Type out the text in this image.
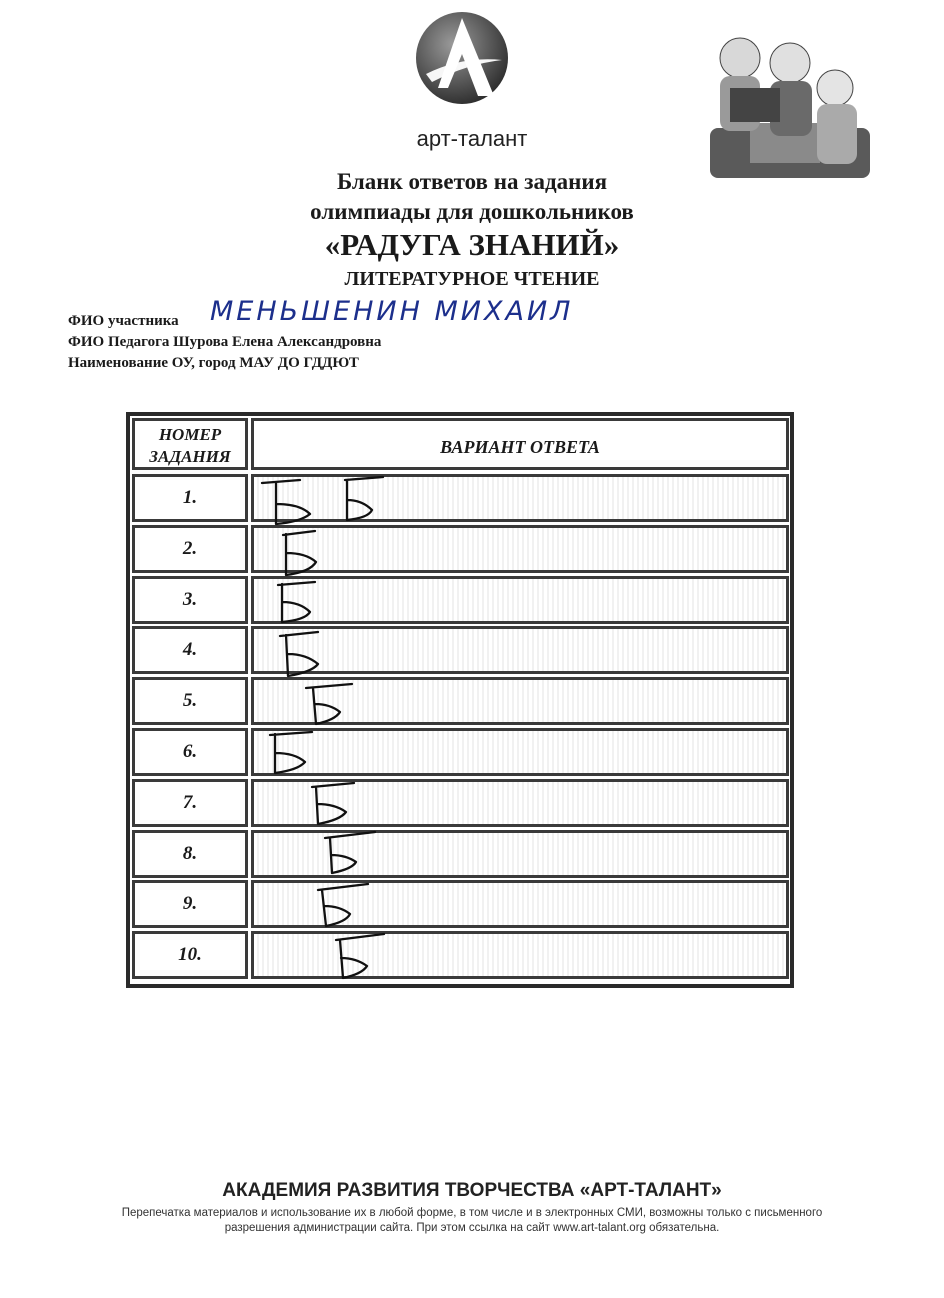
арт-талант
Бланк ответов на задания
олимпиады для дошкольников
«РАДУГА ЗНАНИЙ»
ЛИТЕРАТУРНОЕ ЧТЕНИЕ
ФИО участника МЕНЬШЕНИН МИХАИЛ
ФИО Педагога Шурова Елена Александровна
Наименование ОУ, город МАУ ДО ГДДЮТ
НОМЕР
ЗАДАНИЯ	ВАРИАНТ ОТВЕТА
1.
2.
3.
4.
5.
6.
7.
8.
9.
10.
АКАДЕМИЯ РАЗВИТИЯ ТВОРЧЕСТВА «АРТ-ТАЛАНТ»
Перепечатка материалов и использование их в любой форме, в том числе и в электронных СМИ, возможны только с письменного разрешения администрации сайта. При этом ссылка на сайт www.art-talant.org обязательна.
